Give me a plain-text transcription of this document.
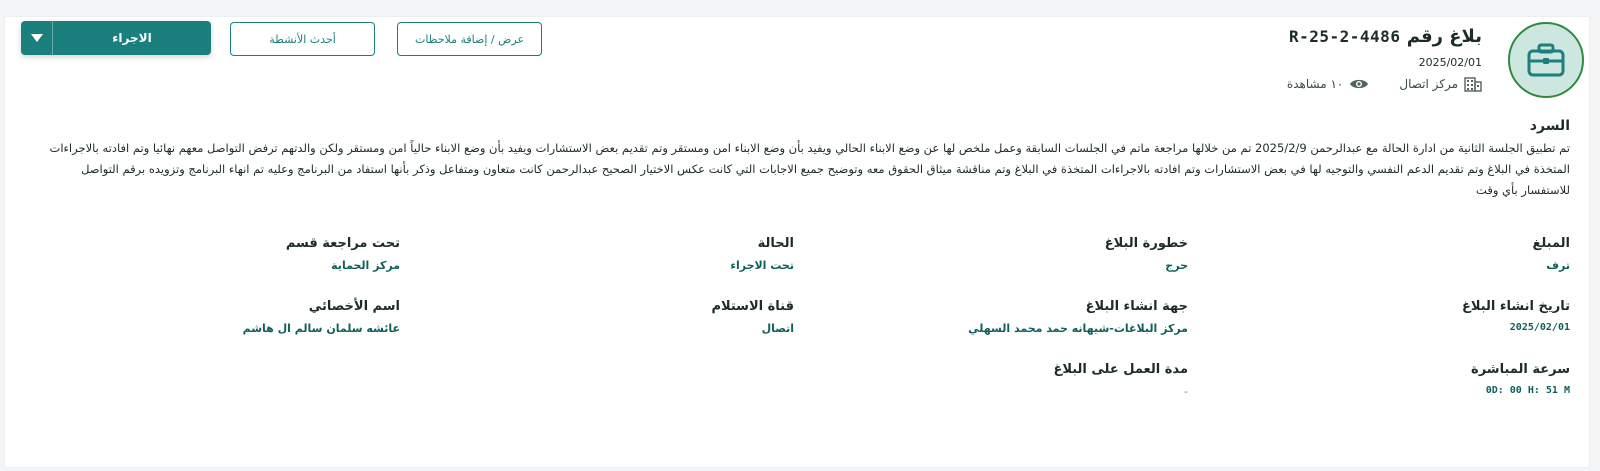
بلاغ رقم R-25-2-4486
2025/02/01
مركز اتصال
١٠ مشاهدة
عرض / إضافة ملاحظات
أحدث الأنشطة
الاجراء
السرد
تم تطبيق الجلسة الثانية من ادارة الحالة مع عبدالرحمن 2025/2/9 تم من خلالها مراجعة ماتم في الجلسات السابقة وعمل ملخص لها عن وضع الابناء الحالي ويفيد بأن وضع الابناء امن ومستقر وتم تقديم بعض الاستشارات ويفيد بأن وضع الابناء حالياً امن ومستقر ولكن والدتهم ترفض التواصل معهم نهائيا وتم افادته بالاجراءات المتخذة في البلاغ وتم تقديم الدعم النفسي والتوجيه لها في بعض الاستشارات وتم افادته بالاجراءات المتخذة في البلاغ وتم مناقشة ميثاق الحقوق معه وتوضيح جميع الاجابات التي كانت عكس الاختيار الصحيح عبدالرحمن كانت متعاون ومتفاعل وذكر بأنها استفاد من البرنامج وعليه تم انهاء البرنامج وتزويده برقم التواصل للاستفسار بأي وقت
المبلغ
ترف
خطورة البلاغ
حرج
الحالة
تحت الاجراء
تحت مراجعة قسم
مركز الحماية
تاريخ انشاء البلاغ
2025/02/01
جهة انشاء البلاغ
مركز البلاغات-شيهانه حمد محمد السهلي
قناة الاستلام
اتصال
اسم الأخصائي
عائشه سلمان سالم ال هاشم
سرعة المباشرة
0D: 00 H: 51 M
مدة العمل على البلاغ
-
